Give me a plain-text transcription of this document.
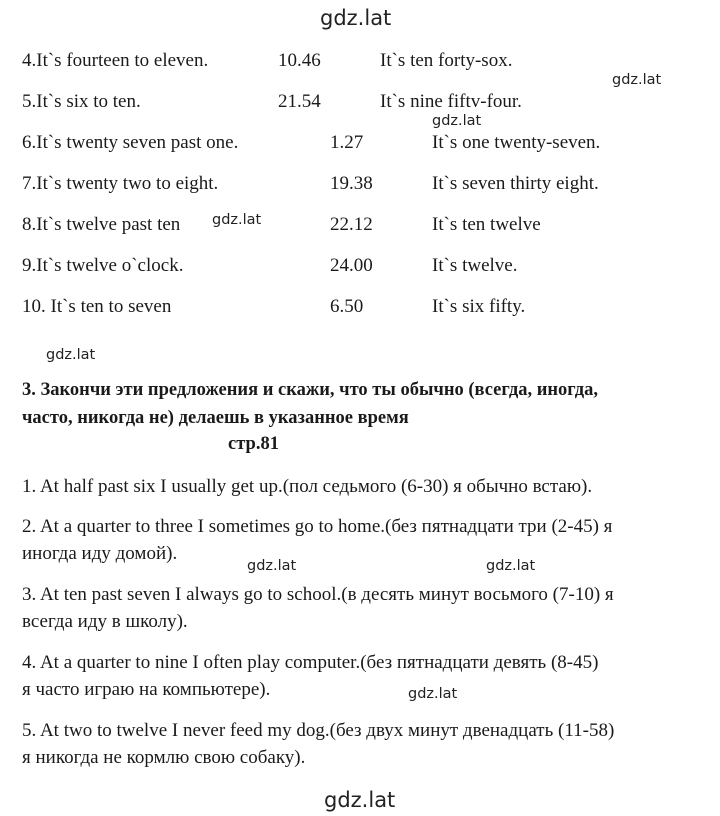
gdz.lat
gdz.lat
gdz.lat
gdz.lat
gdz.lat
gdz.lat	gdz.lat
gdz.lat
gdz.lat
4.It`s fourteen to eleven.	10.46	It`s ten forty-sox.
5.It`s six to ten.	21.54	It`s nine fiftv-four.
6.It`s twenty seven past one.	1.27	It`s one twenty-seven.
7.It`s twenty two to eight.	19.38	It`s seven thirty eight.
8.It`s twelve past ten	22.12	It`s ten twelve
9.It`s twelve o`clock.	24.00	It`s twelve.
10. It`s ten to seven	6.50	It`s six fifty.
3. Закончи эти предложения и скажи, что ты обычно (всегда, иногда,
часто, никогда не) делаешь в указанное время
стр.81
1. At half past six I usually get up.(пол седьмого (6-30) я обычно встаю).
2. At a quarter to three I sometimes go to home.(без пятнадцати три (2-45) я
иногда иду домой).
3. At ten past seven I always go to school.(в десять минут восьмого (7-10) я
всегда иду в школу).
4. At a quarter to nine I often play computer.(без пятнадцати девять (8-45)
я часто играю на компьютере).
5. At two to twelve I never feed my dog.(без двух минут двенадцать (11-58)
я никогда не кормлю свою собаку).
